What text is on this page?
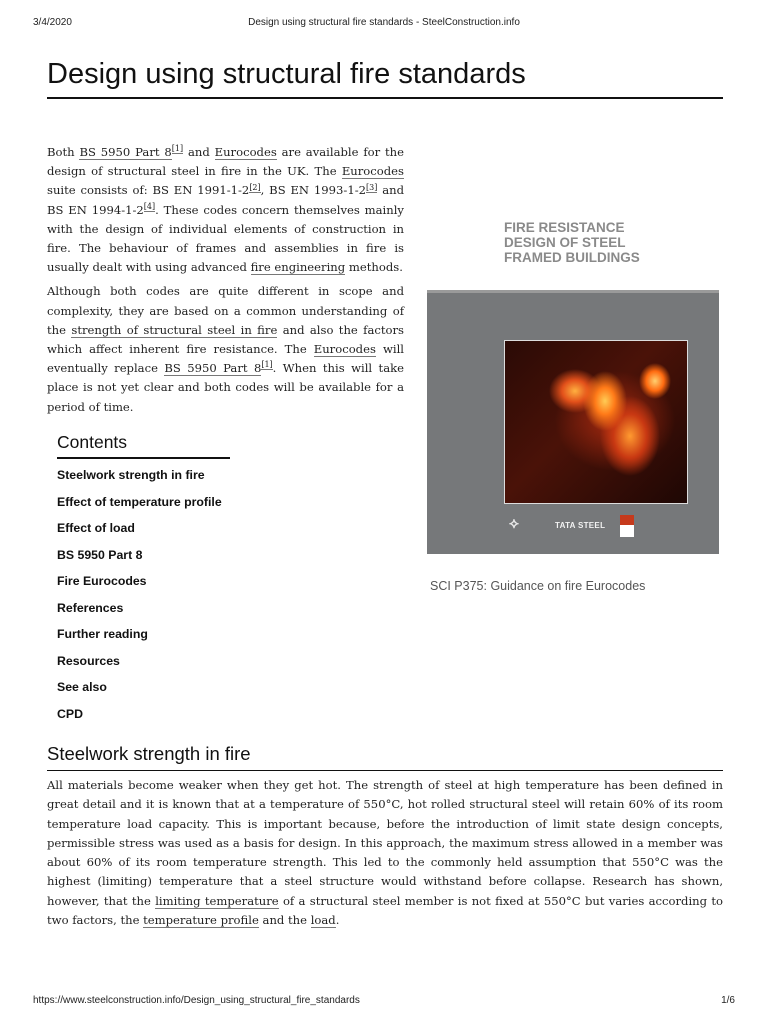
3/4/2020	Design using structural fire standards - SteelConstruction.info
Design using structural fire standards

Both BS 5950 Part 8[1] and Eurocodes are available for the design of structural steel in fire in the UK. The Eurocodes suite consists of: BS EN 1991-1-2[2], BS EN 1993-1-2[3] and BS EN 1994-1-2[4]. These codes concern themselves mainly with the design of individual elements of construction in fire. The behaviour of frames and assemblies in fire is usually dealt with using advanced fire engineering methods.

Although both codes are quite different in scope and complexity, they are based on a common understanding of the strength of structural steel in fire and also the factors which affect inherent fire resistance. The Eurocodes will eventually replace BS 5950 Part 8[1]. When this will take place is not yet clear and both codes will be available for a period of time.

FIRE RESISTANCE
DESIGN OF STEEL
FRAMED BUILDINGS
⟡	TATA STEEL
SCI P375: Guidance on fire Eurocodes
Contents
Steelwork strength in fire
Effect of temperature profile
Effect of load
BS 5950 Part 8
Fire Eurocodes
References
Further reading
Resources
See also
CPD
Steelwork strength in fire

All materials become weaker when they get hot. The strength of steel at high temperature has been defined in great detail and it is known that at a temperature of 550°C, hot rolled structural steel will retain 60% of its room temperature load capacity. This is important because, before the introduction of limit state design concepts, permissible stress was used as a basis for design. In this approach, the maximum stress allowed in a member was about 60% of its room temperature strength. This led to the commonly held assumption that 550°C was the highest (limiting) temperature that a steel structure would withstand before collapse. Research has shown, however, that the limiting temperature of a structural steel member is not fixed at 550°C but varies according to two factors, the temperature profile and the load.

https://www.steelconstruction.info/Design_using_structural_fire_standards	1/6
